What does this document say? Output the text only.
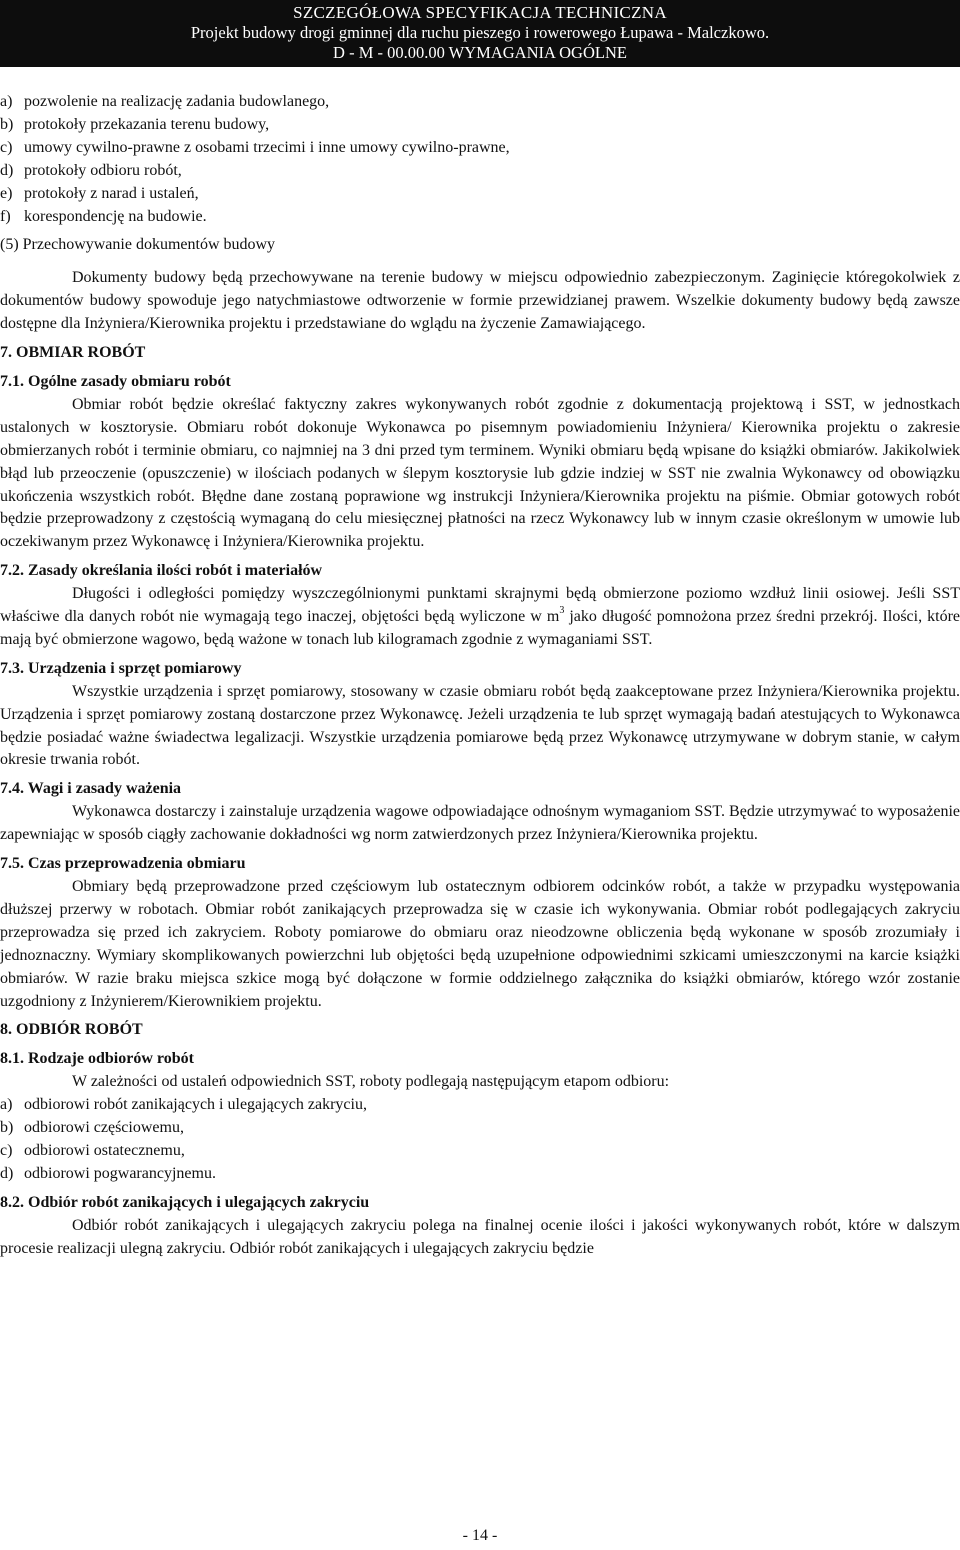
SZCZEGÓŁOWA SPECYFIKACJA TECHNICZNA
Projekt budowy drogi gminnej dla ruchu pieszego i rowerowego Łupawa - Malczkowo.
D - M - 00.00.00 WYMAGANIA OGÓLNE

a) pozwolenie na realizację zadania budowlanego,

b) protokoły przekazania terenu budowy,

c) umowy cywilno-prawne z osobami trzecimi i inne umowy cywilno-prawne,

d) protokoły odbioru robót,

e) protokoły z narad i ustaleń,

f) korespondencję na budowie.

(5) Przechowywanie dokumentów budowy

Dokumenty budowy będą przechowywane na terenie budowy w miejscu odpowiednio zabezpieczonym. Zaginięcie któregokolwiek z dokumentów budowy spowoduje jego natychmiastowe odtworzenie w formie przewidzianej prawem. Wszelkie dokumenty budowy będą zawsze dostępne dla Inżyniera/Kierownika projektu i przedstawiane do wglądu na życzenie Zamawiającego.

7. OBMIAR ROBÓT

7.1. Ogólne zasady obmiaru robót

Obmiar robót będzie określać faktyczny zakres wykonywanych robót zgodnie z dokumentacją projektową i SST, w jednostkach ustalonych w kosztorysie. Obmiaru robót dokonuje Wykonawca po pisemnym powiadomieniu Inżyniera/ Kierownika projektu o zakresie obmierzanych robót i terminie obmiaru, co najmniej na 3 dni przed tym terminem. Wyniki obmiaru będą wpisane do książki obmiarów. Jakikolwiek błąd lub przeoczenie (opuszczenie) w ilościach podanych w ślepym kosztorysie lub gdzie indziej w SST nie zwalnia Wykonawcy od obowiązku ukończenia wszystkich robót. Błędne dane zostaną poprawione wg instrukcji Inżyniera/Kierownika projektu na piśmie. Obmiar gotowych robót będzie przeprowadzony z częstością wymaganą do celu miesięcznej płatności na rzecz Wykonawcy lub w innym czasie określonym w umowie lub oczekiwanym przez Wykonawcę i Inżyniera/Kierownika projektu.

7.2. Zasady określania ilości robót i materiałów

Długości i odległości pomiędzy wyszczególnionymi punktami skrajnymi będą obmierzone poziomo wzdłuż linii osiowej. Jeśli SST właściwe dla danych robót nie wymagają tego inaczej, objętości będą wyliczone w $m^3$ jako długość pomnożona przez średni przekrój. Ilości, które mają być obmierzone wagowo, będą ważone w tonach lub kilogramach zgodnie z wymaganiami SST.

7.3. Urządzenia i sprzęt pomiarowy

Wszystkie urządzenia i sprzęt pomiarowy, stosowany w czasie obmiaru robót będą zaakceptowane przez Inżyniera/Kierownika projektu. Urządzenia i sprzęt pomiarowy zostaną dostarczone przez Wykonawcę. Jeżeli urządzenia te lub sprzęt wymagają badań atestujących to Wykonawca będzie posiadać ważne świadectwa legalizacji. Wszystkie urządzenia pomiarowe będą przez Wykonawcę utrzymywane w dobrym stanie, w całym okresie trwania robót.

7.4. Wagi i zasady ważenia

Wykonawca dostarczy i zainstaluje urządzenia wagowe odpowiadające odnośnym wymaganiom SST. Będzie utrzymywać to wyposażenie zapewniając w sposób ciągły zachowanie dokładności wg norm zatwierdzonych przez Inżyniera/Kierownika projektu.

7.5. Czas przeprowadzenia obmiaru

Obmiary będą przeprowadzone przed częściowym lub ostatecznym odbiorem odcinków robót, a także w przypadku występowania dłuższej przerwy w robotach. Obmiar robót zanikających przeprowadza się w czasie ich wykonywania. Obmiar robót podlegających zakryciu przeprowadza się przed ich zakryciem. Roboty pomiarowe do obmiaru oraz nieodzowne obliczenia będą wykonane w sposób zrozumiały i jednoznaczny. Wymiary skomplikowanych powierzchni lub objętości będą uzupełnione odpowiednimi szkicami umieszczonymi na karcie książki obmiarów. W razie braku miejsca szkice mogą być dołączone w formie oddzielnego załącznika do książki obmiarów, którego wzór zostanie uzgodniony z Inżynierem/Kierownikiem projektu.

8. ODBIÓR ROBÓT

8.1. Rodzaje odbiorów robót

W zależności od ustaleń odpowiednich SST, roboty podlegają następującym etapom odbioru:

a) odbiorowi robót zanikających i ulegających zakryciu,

b) odbiorowi częściowemu,

c) odbiorowi ostatecznemu,

d) odbiorowi pogwarancyjnemu.

8.2. Odbiór robót zanikających i ulegających zakryciu

Odbiór robót zanikających i ulegających zakryciu polega na finalnej ocenie ilości i jakości wykonywanych robót, które w dalszym procesie realizacji ulegną zakryciu. Odbiór robót zanikających i ulegających zakryciu będzie

- 14 -
